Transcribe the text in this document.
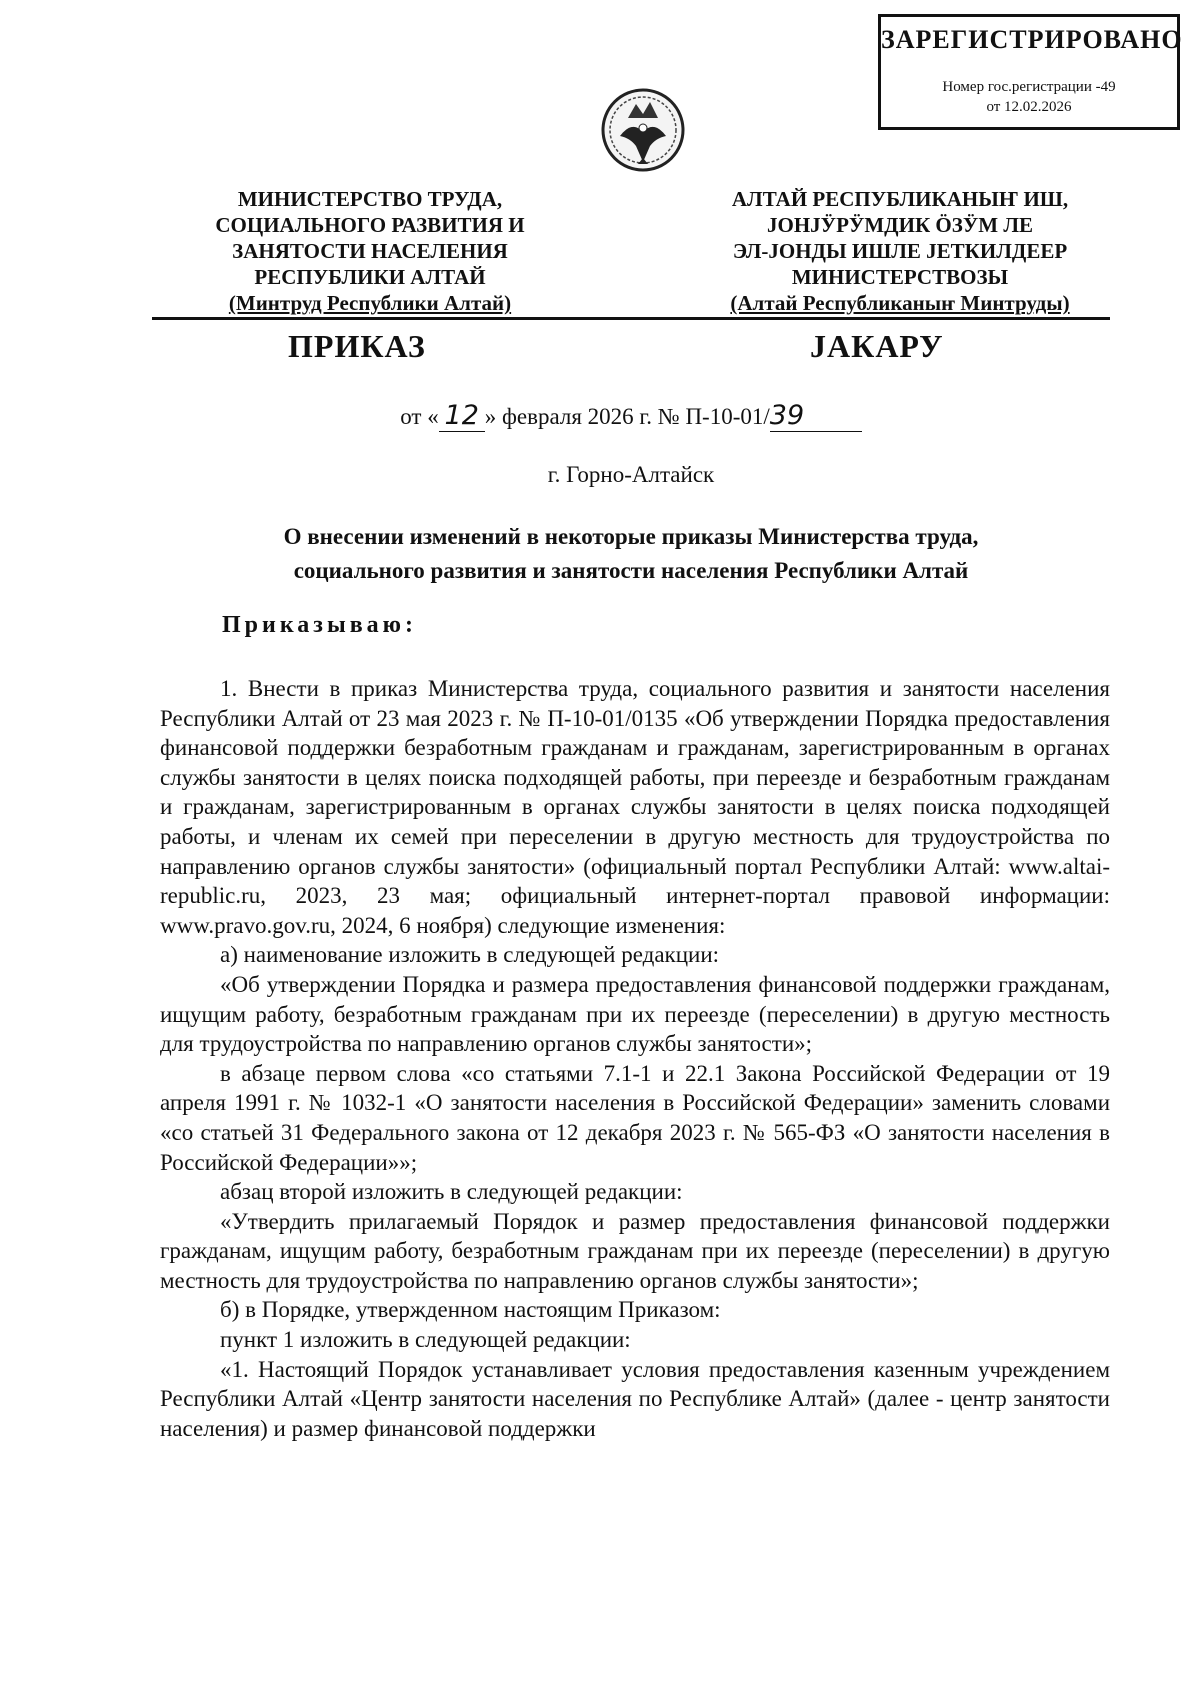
ЗАРЕГИСТРИРОВАНО
Номер гос.регистрации -49
от 12.02.2026
МИНИСТЕРСТВО ТРУДА,
СОЦИАЛЬНОГО РАЗВИТИЯ И
ЗАНЯТОСТИ НАСЕЛЕНИЯ
РЕСПУБЛИКИ АЛТАЙ
(Минтруд Республики Алтай)
АЛТАЙ РЕСПУБЛИКАНЫҤ ИШ,
ЈОНЈӰРӰМДИК ӦЗӰМ ЛЕ
ЭЛ-ЈОНДЫ ИШЛЕ ЈЕТКИЛДЕЕР
МИНИСТЕРСТВОЗЫ
(Алтай Республиканыҥ Минтруды)
ПРИКАЗ	ЈАКАРУ
от « 12 » февраля 2026 г. № П-10-01/39
г. Горно-Алтайск
О внесении изменений в некоторые приказы Министерства труда,
социального развития и занятости населения Республики Алтай
Приказываю:

1. Внести в приказ Министерства труда, социального развития и занятости населения Республики Алтай от 23 мая 2023 г. № П-10-01/0135 «Об утверждении Порядка предоставления финансовой поддержки безработным гражданам и гражданам, зарегистрированным в органах службы занятости в целях поиска подходящей работы, при переезде и безработным гражданам и гражданам, зарегистрированным в органах службы занятости в целях поиска подходящей работы, и членам их семей при переселении в другую местность для трудоустройства по направлению органов службы занятости» (официальный портал Республики Алтай: www.altai-republic.ru, 2023, 23 мая; официальный интернет-портал правовой информации: www.pravo.gov.ru, 2024, 6 ноября) следующие изменения:

а) наименование изложить в следующей редакции:

«Об утверждении Порядка и размера предоставления финансовой поддержки гражданам, ищущим работу, безработным гражданам при их переезде (переселении) в другую местность для трудоустройства по направлению органов службы занятости»;

в абзаце первом слова «со статьями 7.1-1 и 22.1 Закона Российской Федерации от 19 апреля 1991 г. № 1032-1 «О занятости населения в Российской Федерации» заменить словами «со статьей 31 Федерального закона от 12 декабря 2023 г. № 565-ФЗ «О занятости населения в Российской Федерации»»;

абзац второй изложить в следующей редакции:

«Утвердить прилагаемый Порядок и размер предоставления финансовой поддержки гражданам, ищущим работу, безработным гражданам при их переезде (переселении) в другую местность для трудоустройства по направлению органов службы занятости»;

б) в Порядке, утвержденном настоящим Приказом:

пункт 1 изложить в следующей редакции:

«1. Настоящий Порядок устанавливает условия предоставления казенным учреждением Республики Алтай «Центр занятости населения по Республике Алтай» (далее - центр занятости населения) и размер финансовой поддержки
